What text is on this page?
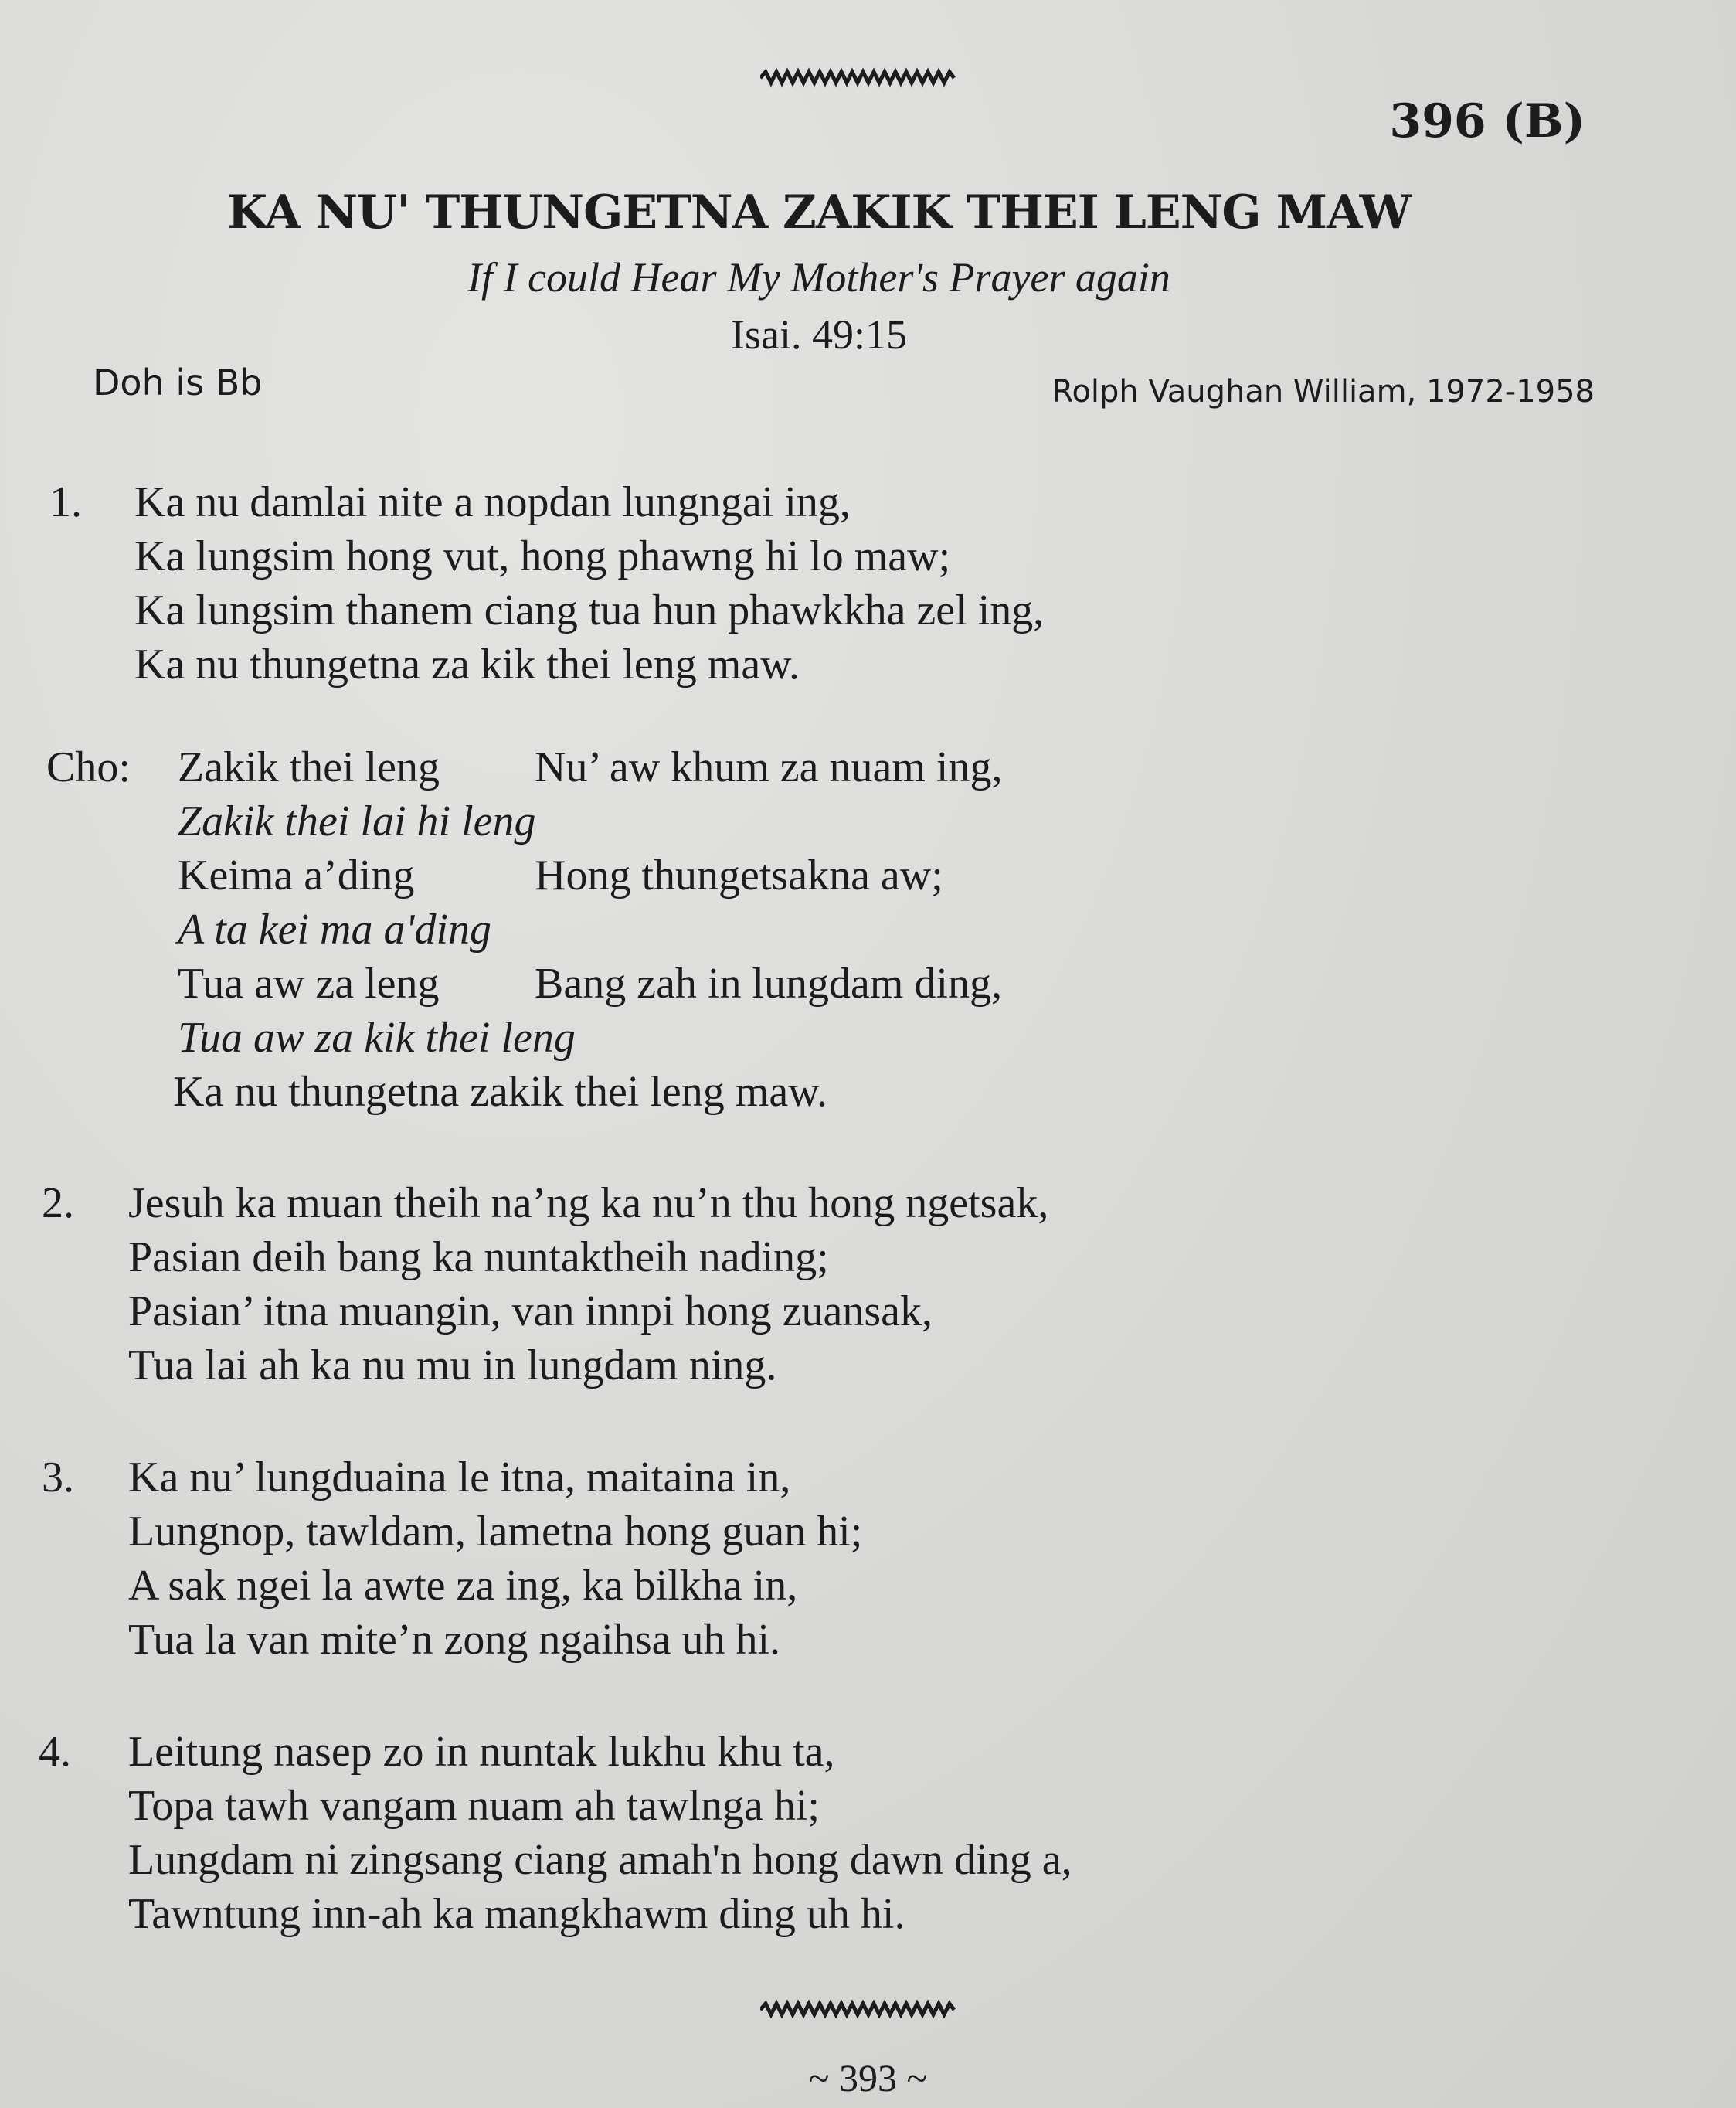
396 (B)
KA NU' THUNGETNA ZAKIK THEI LENG MAW
If I could Hear My Mother's Prayer again
Isai. 49:15
Doh is Bb	Rolph Vaughan William, 1972-1958
1. Ka nu damlai nite a nopdan lungngai ing,
Ka lungsim hong vut, hong phawng hi lo maw;
Ka lungsim thanem ciang tua hun phawkkha zel ing,
Ka nu thungetna za kik thei leng maw.
Cho: Zakik thei leng Nu’ aw khum za nuam ing,
Zakik thei lai hi leng
Keima a’ding	Hong thungetsakna aw;
A ta kei ma a'ding
Tua aw za leng Bang zah in lungdam ding,
Tua aw za kik thei leng
Ka nu thungetna zakik thei leng maw.
2. Jesuh ka muan theih na’ng ka nu’n thu hong ngetsak,
Pasian deih bang ka nuntaktheih nading;
Pasian’ itna muangin, van innpi hong zuansak,
Tua lai ah ka nu mu in lungdam ning.
3. Ka nu’ lungduaina le itna, maitaina in,
Lungnop, tawldam, lametna hong guan hi;
A sak ngei la awte za ing, ka bilkha in,
Tua la van mite’n zong ngaihsa uh hi.
4. Leitung nasep zo in nuntak lukhu khu ta,
Topa tawh vangam nuam ah tawlnga hi;
Lungdam ni zingsang ciang amah'n hong dawn ding a,
Tawntung inn-ah ka mangkhawm ding uh hi.
~ 393 ~
